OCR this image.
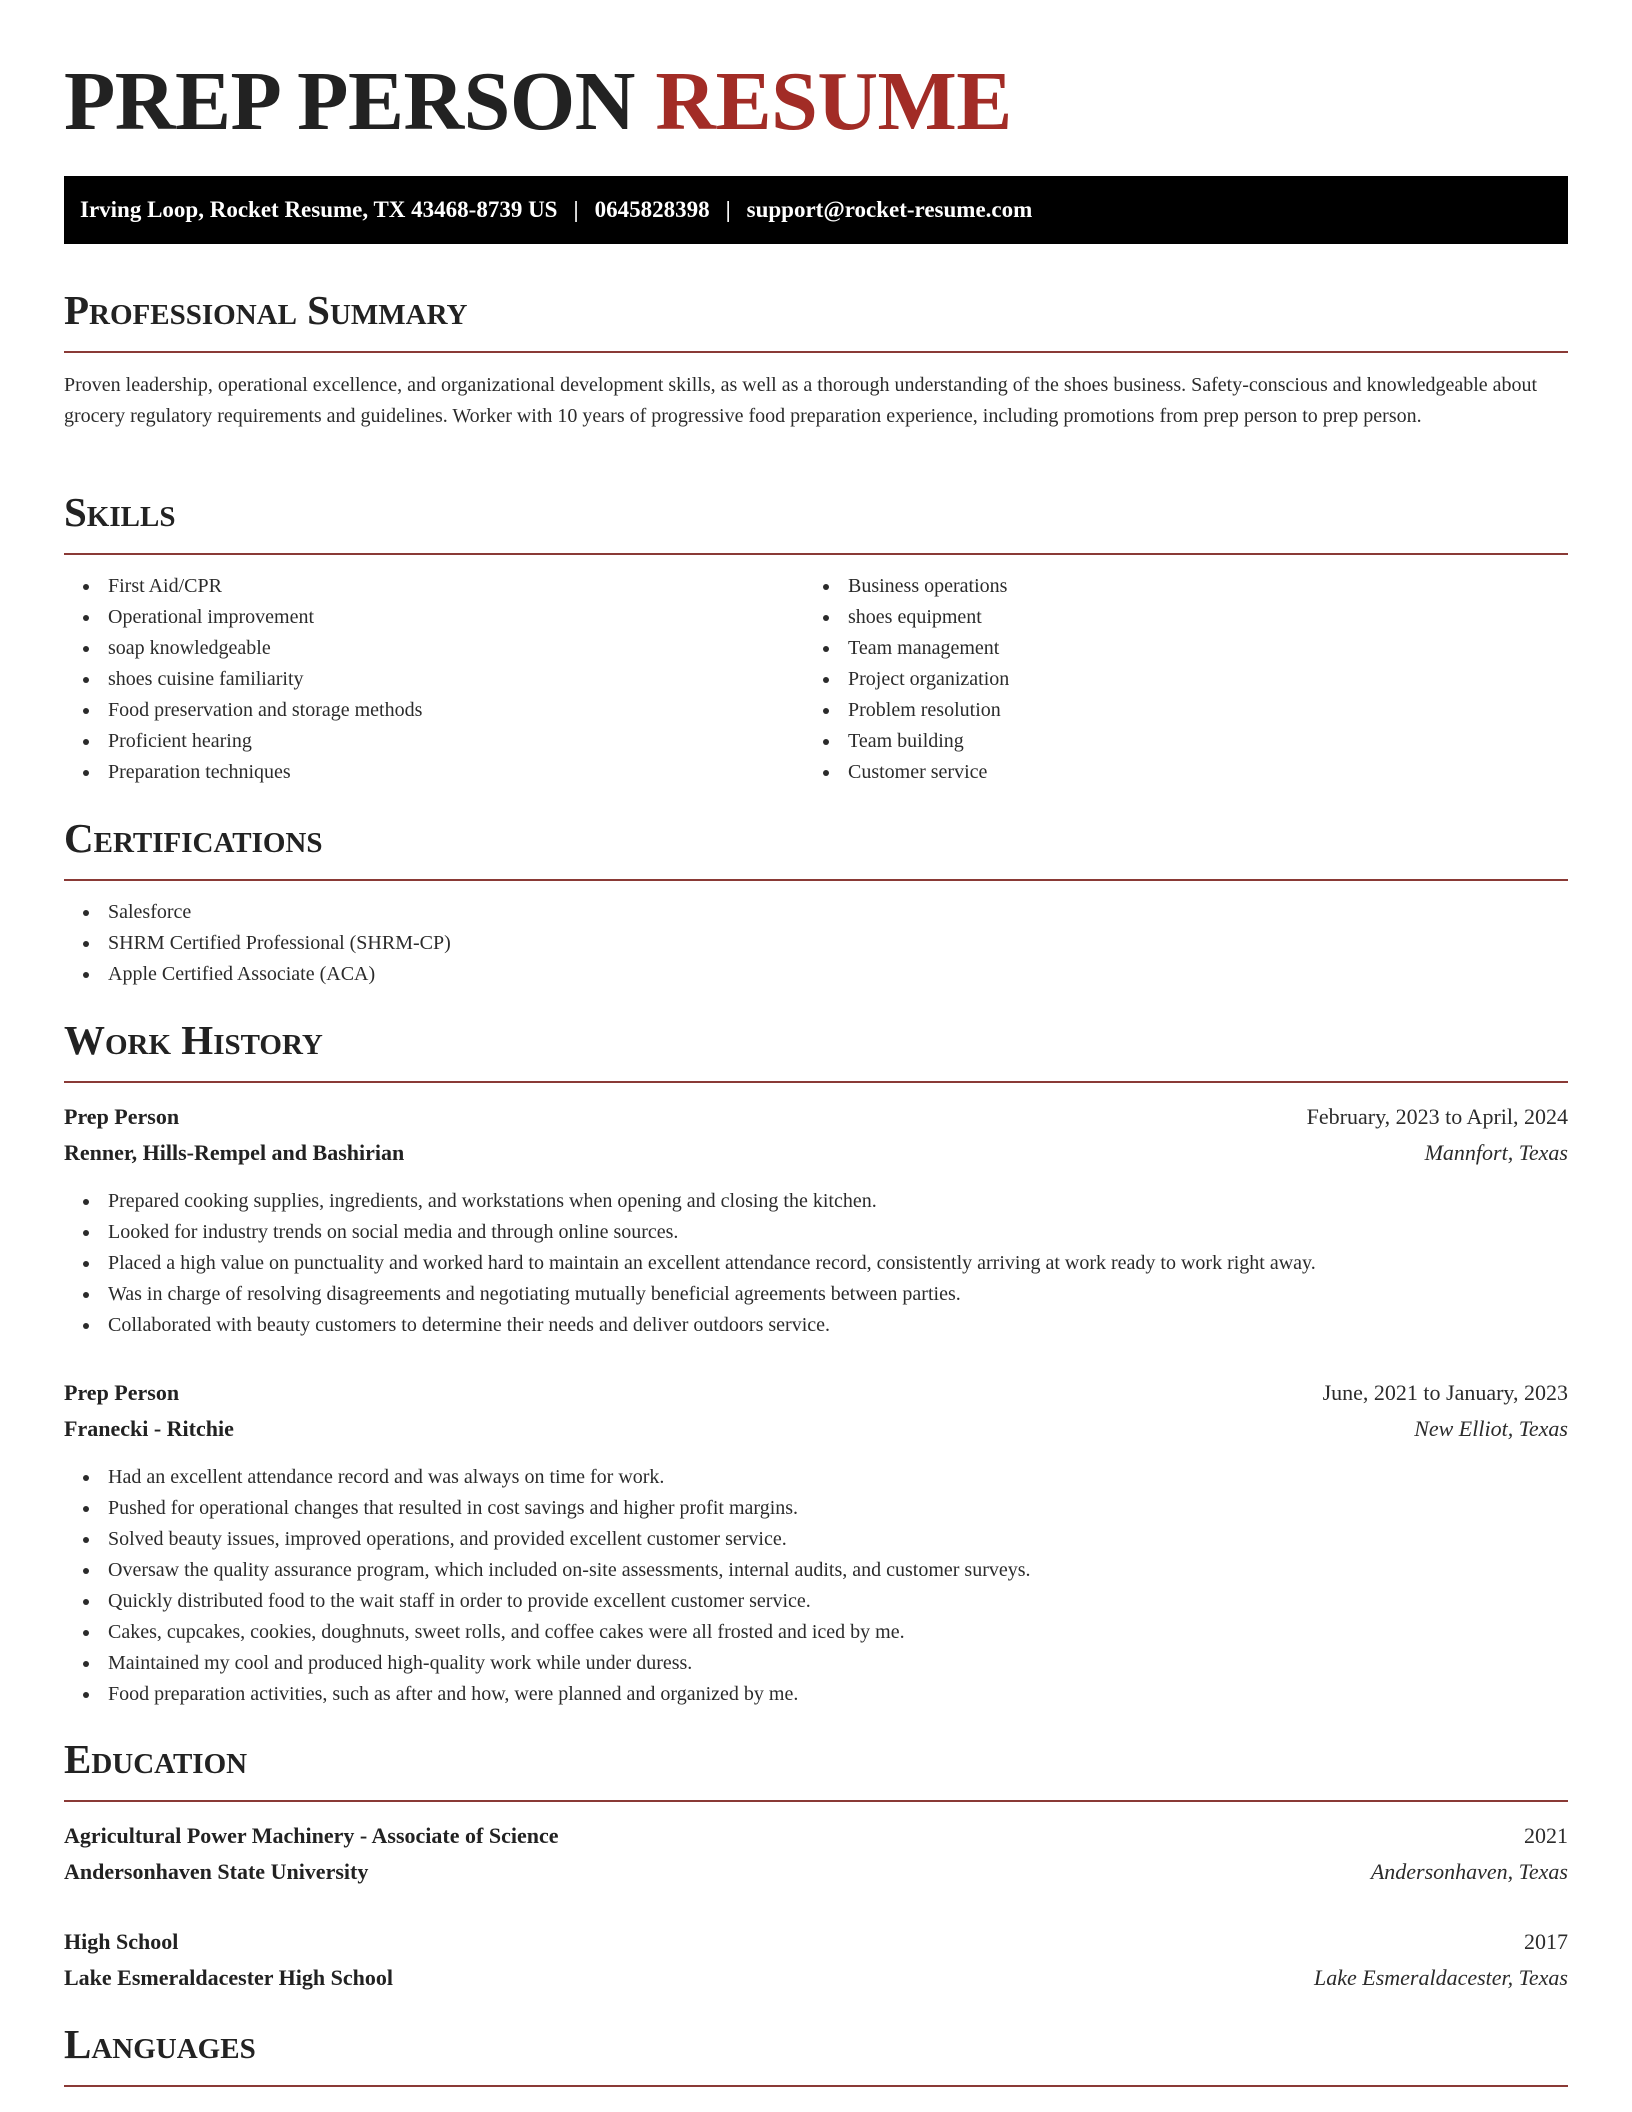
PREP PERSON RESUME
Irving Loop, Rocket Resume, TX 43468-8739 US | 0645828398 | support@rocket-resume.com
Professional Summary

Proven leadership, operational excellence, and organizational development skills, as well as a thorough understanding of the shoes business. Safety-conscious and knowledgeable about grocery regulatory requirements and guidelines. Worker with 10 years of progressive food preparation experience, including promotions from prep person to prep person.

Skills
First Aid/CPR
Operational improvement
soap knowledgeable
shoes cuisine familiarity
Food preservation and storage methods
Proficient hearing
Preparation techniques
Business operations
shoes equipment
Team management
Project organization
Problem resolution
Team building
Customer service
Certifications
Salesforce
SHRM Certified Professional (SHRM-CP)
Apple Certified Associate (ACA)
Work History
Prep Person	February, 2023 to April, 2024
Renner, Hills-Rempel and Bashirian	Mannfort, Texas
Prepared cooking supplies, ingredients, and workstations when opening and closing the kitchen.
Looked for industry trends on social media and through online sources.
Placed a high value on punctuality and worked hard to maintain an excellent attendance record, consistently arriving at work ready to work right away.
Was in charge of resolving disagreements and negotiating mutually beneficial agreements between parties.
Collaborated with beauty customers to determine their needs and deliver outdoors service.
Prep Person	June, 2021 to January, 2023
Franecki - Ritchie	New Elliot, Texas
Had an excellent attendance record and was always on time for work.
Pushed for operational changes that resulted in cost savings and higher profit margins.
Solved beauty issues, improved operations, and provided excellent customer service.
Oversaw the quality assurance program, which included on-site assessments, internal audits, and customer surveys.
Quickly distributed food to the wait staff in order to provide excellent customer service.
Cakes, cupcakes, cookies, doughnuts, sweet rolls, and coffee cakes were all frosted and iced by me.
Maintained my cool and produced high-quality work while under duress.
Food preparation activities, such as after and how, were planned and organized by me.
Education
Agricultural Power Machinery - Associate of Science	2021
Andersonhaven State University	Andersonhaven, Texas
High School	2017
Lake Esmeraldacester High School	Lake Esmeraldacester, Texas
Languages
